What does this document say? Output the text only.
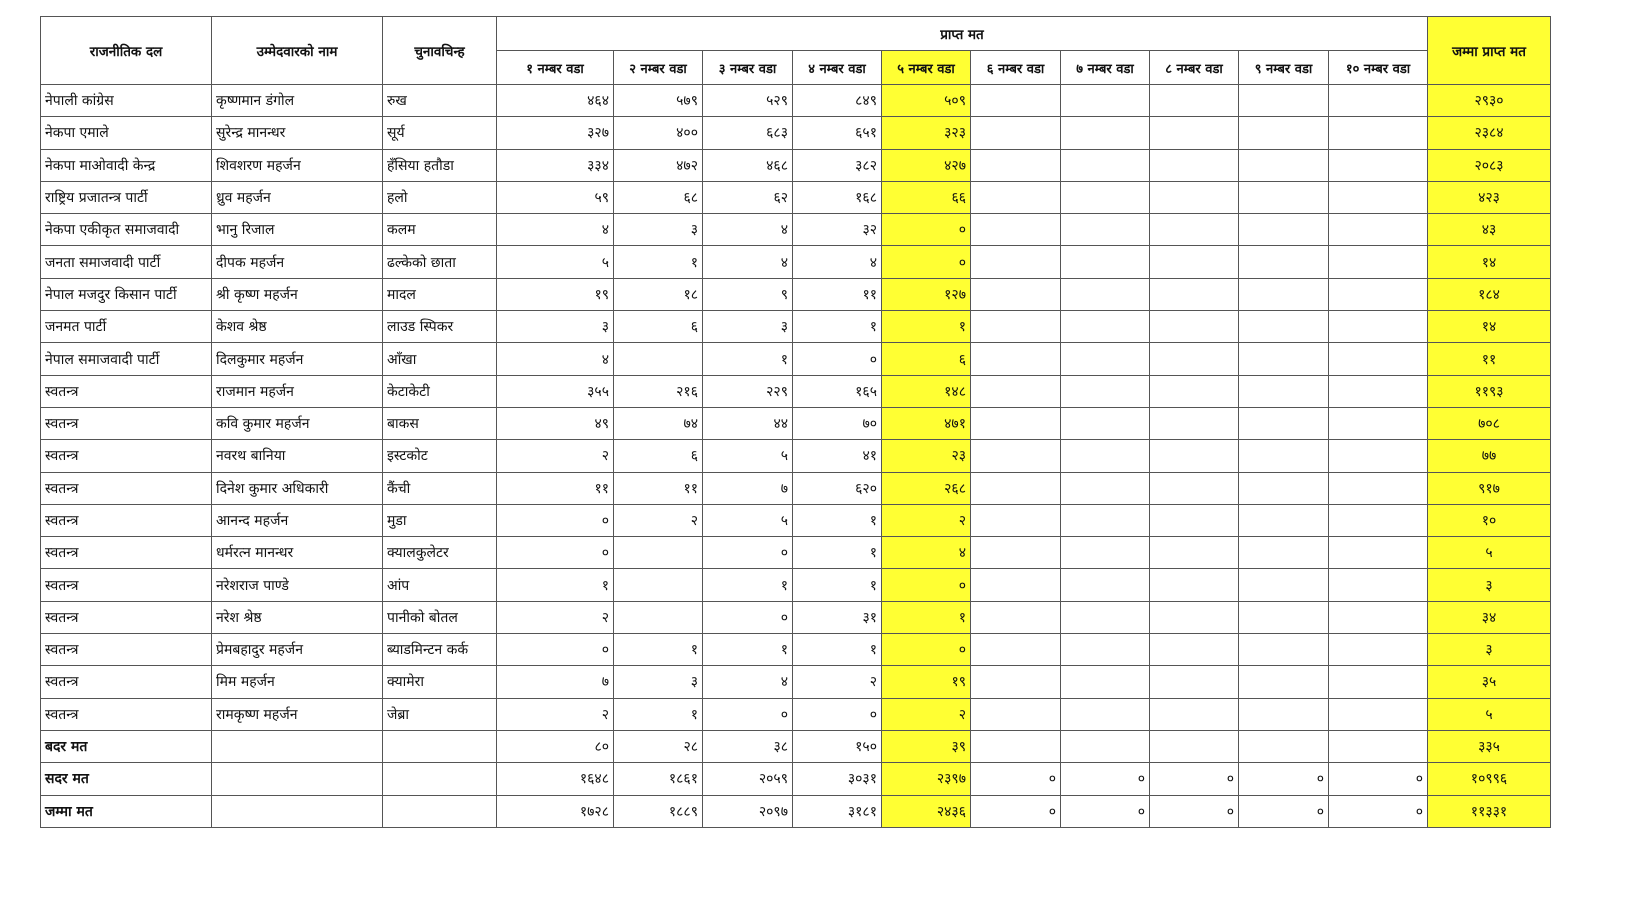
राजनीतिक दल	उम्मेदवारको नाम	चुनावचिन्ह	प्राप्त मत										जम्मा प्राप्त मत
			१ नम्बर वडा	२ नम्बर वडा	३ नम्बर वडा	४ नम्बर वडा	५ नम्बर वडा	६ नम्बर वडा	७ नम्बर वडा	८ नम्बर वडा	९ नम्बर वडा	१० नम्बर वडा	
नेपाली कांग्रेस	कृष्णमान डंगोल	रुख	४६४	५७९	५२९	८४९	५०९						२९३०
नेकपा एमाले	सुरेन्द्र मानन्धर	सूर्य	३२७	४००	६८३	६५१	३२३						२३८४
नेकपा माओवादी केन्द्र	शिवशरण महर्जन	हँसिया हतौडा	३३४	४७२	४६८	३८२	४२७						२०८३
राष्ट्रिय प्रजातन्त्र पार्टी	ध्रुव महर्जन	हलो	५९	६८	६२	१६८	६६						४२३
नेकपा एकीकृत समाजवादी	भानु रिजाल	कलम	४	३	४	३२	०						४३
जनता समाजवादी पार्टी	दीपक महर्जन	ढल्केको छाता	५	१	४	४	०						१४
नेपाल मजदुर किसान पार्टी	श्री कृष्ण महर्जन	मादल	१९	१८	९	११	१२७						१८४
जनमत पार्टी	केशव श्रेष्ठ	लाउड स्पिकर	३	६	३	१	१						१४
नेपाल समाजवादी पार्टी	दिलकुमार महर्जन	आँखा	४		१	०	६						११
स्वतन्त्र	राजमान महर्जन	केटाकेटी	३५५	२१६	२२९	१६५	१४८						११९३
स्वतन्त्र	कवि कुमार महर्जन	बाकस	४९	७४	४४	७०	४७१						७०८
स्वतन्त्र	नवरथ बानिया	इस्टकोट	२	६	५	४१	२३						७७
स्वतन्त्र	दिनेश कुमार अधिकारी	कैंची	११	११	७	६२०	२६८						९१७
स्वतन्त्र	आनन्द महर्जन	मुडा	०	२	५	१	२						१०
स्वतन्त्र	धर्मरत्न मानन्धर	क्यालकुलेटर	०		०	१	४						५
स्वतन्त्र	नरेशराज पाण्डे	आंप	१		१	१	०						३
स्वतन्त्र	नरेश श्रेष्ठ	पानीको बोतल	२		०	३१	१						३४
स्वतन्त्र	प्रेमबहादुर महर्जन	ब्याडमिन्टन कर्क	०	१	१	१	०						३
स्वतन्त्र	मिम महर्जन	क्यामेरा	७	३	४	२	१९						३५
स्वतन्त्र	रामकृष्ण महर्जन	जेब्रा	२	१	०	०	२						५
बदर मत			८०	२८	३८	१५०	३९						३३५
सदर मत			१६४८	१८६१	२०५९	३०३१	२३९७	०	०	०	०	०	१०९९६
जम्मा मत			१७२८	१८८९	२०९७	३१८१	२४३६	०	०	०	०	०	११३३१
